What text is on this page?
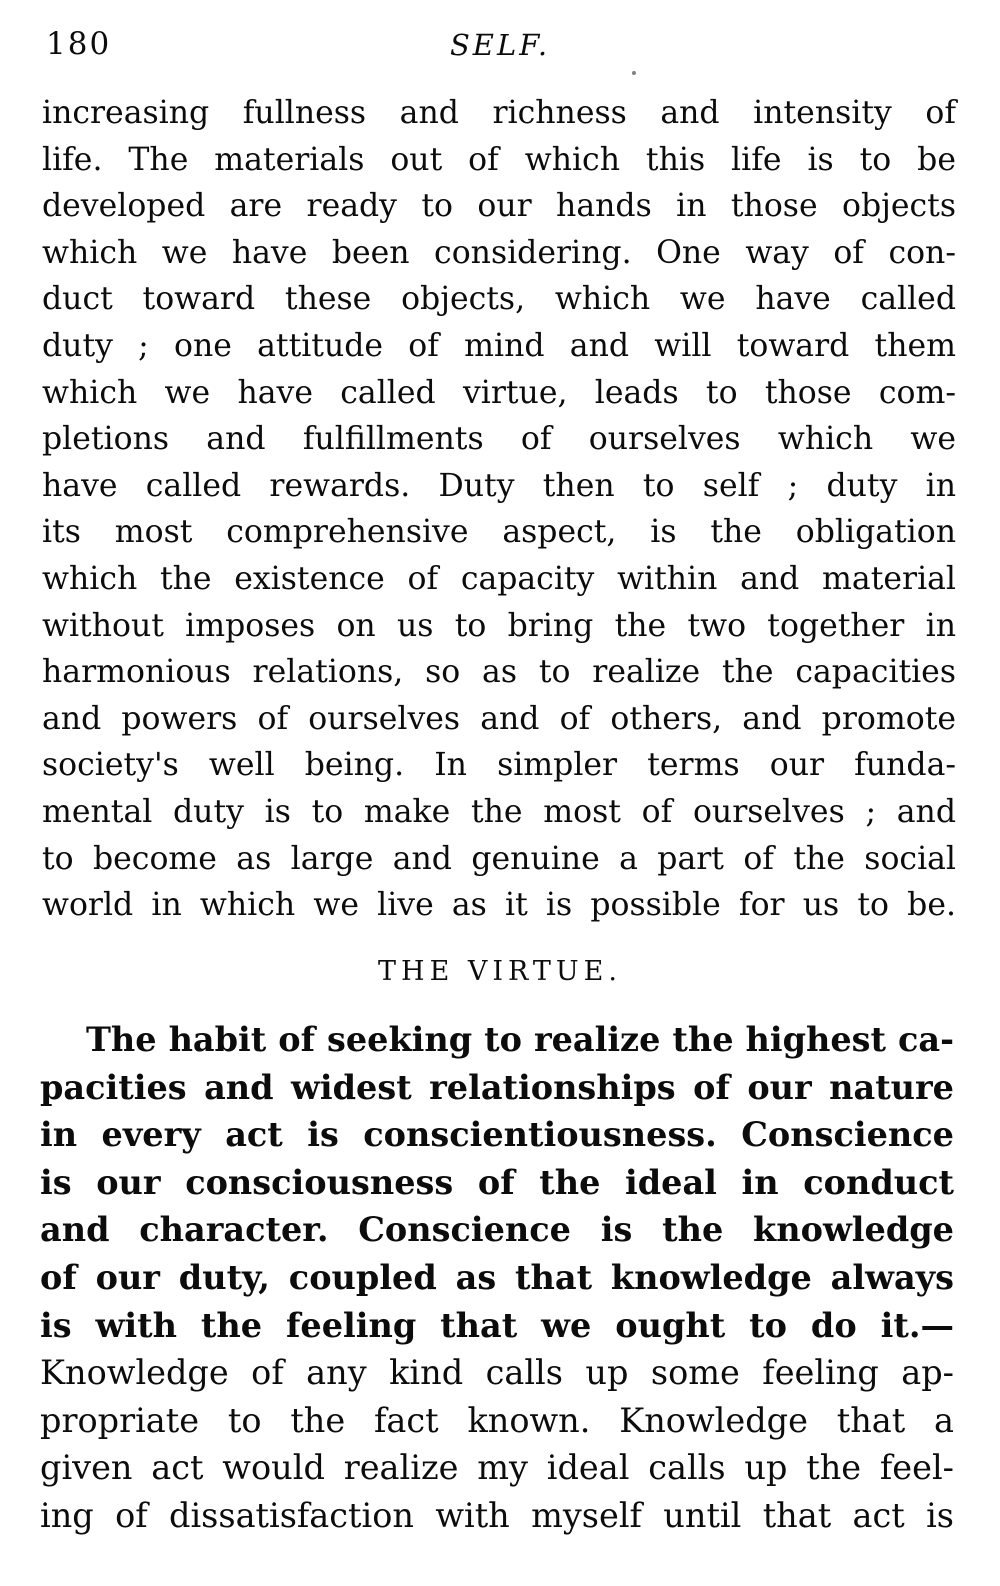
180	SELF.
increasing fullness and richness and intensity of
life. The materials out of which this life is to be
developed are ready to our hands in those objects
which we have been considering. One way of con-
duct toward these objects, which we have called
duty ; one attitude of mind and will toward them
which we have called virtue, leads to those com-
pletions and fulfillments of ourselves which we
have called rewards. Duty then to self ; duty in
its most comprehensive aspect, is the obligation
which the existence of capacity within and material
without imposes on us to bring the two together in
harmonious relations, so as to realize the capacities
and powers of ourselves and of others, and promote
society's well being. In simpler terms our funda-
mental duty is to make the most of ourselves ; and
to become as large and genuine a part of the social
world in which we live as it is possible for us to be.
THE VIRTUE.
The habit of seeking to realize the highest ca-
pacities and widest relationships of our nature
in every act is conscientiousness. Conscience
is our consciousness of the ideal in conduct
and character. Conscience is the knowledge
of our duty, coupled as that knowledge always
is with the feeling that we ought to do it.—
Knowledge of any kind calls up some feeling ap-
propriate to the fact known. Knowledge that a
given act would realize my ideal calls up the feel-
ing of dissatisfaction with myself until that act is
